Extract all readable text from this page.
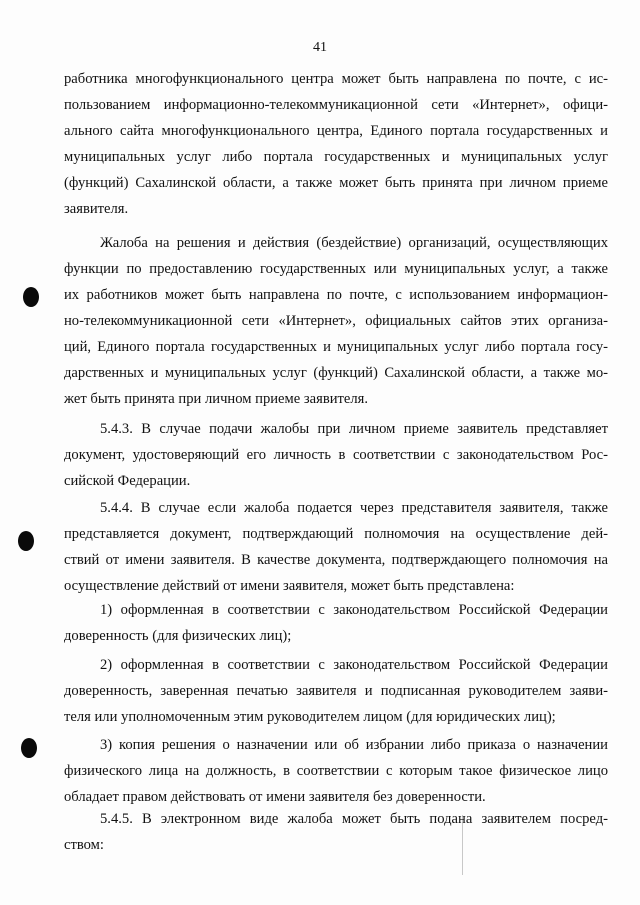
41
работника многофункционального центра может быть направлена по почте, с ис-
пользованием информационно-телекоммуникационной сети «Интернет», офици-
ального сайта многофункционального центра, Единого портала государственных и
муниципальных услуг либо портала государственных и муниципальных услуг
(функций) Сахалинской области, а также может быть принята при личном приеме
заявителя.
Жалоба на решения и действия (бездействие) организаций, осуществляющих
функции по предоставлению государственных или муниципальных услуг, а также
их работников может быть направлена по почте, с использованием информацион-
но-телекоммуникационной сети «Интернет», официальных сайтов этих организа-
ций, Единого портала государственных и муниципальных услуг либо портала госу-
дарственных и муниципальных услуг (функций) Сахалинской области, а также мо-
жет быть принята при личном приеме заявителя.
5.4.3. В случае подачи жалобы при личном приеме заявитель представляет
документ, удостоверяющий его личность в соответствии с законодательством Рос-
сийской Федерации.
5.4.4. В случае если жалоба подается через представителя заявителя, также
представляется документ, подтверждающий полномочия на осуществление дей-
ствий от имени заявителя. В качестве документа, подтверждающего полномочия на
осуществление действий от имени заявителя, может быть представлена:
1) оформленная в соответствии с законодательством Российской Федерации
доверенность (для физических лиц);
2) оформленная в соответствии с законодательством Российской Федерации
доверенность, заверенная печатью заявителя и подписанная руководителем заяви-
теля или уполномоченным этим руководителем лицом (для юридических лиц);
3) копия решения о назначении или об избрании либо приказа о назначении
физического лица на должность, в соответствии с которым такое физическое лицо
обладает правом действовать от имени заявителя без доверенности.
5.4.5. В электронном виде жалоба может быть подана заявителем посред-
ством:
